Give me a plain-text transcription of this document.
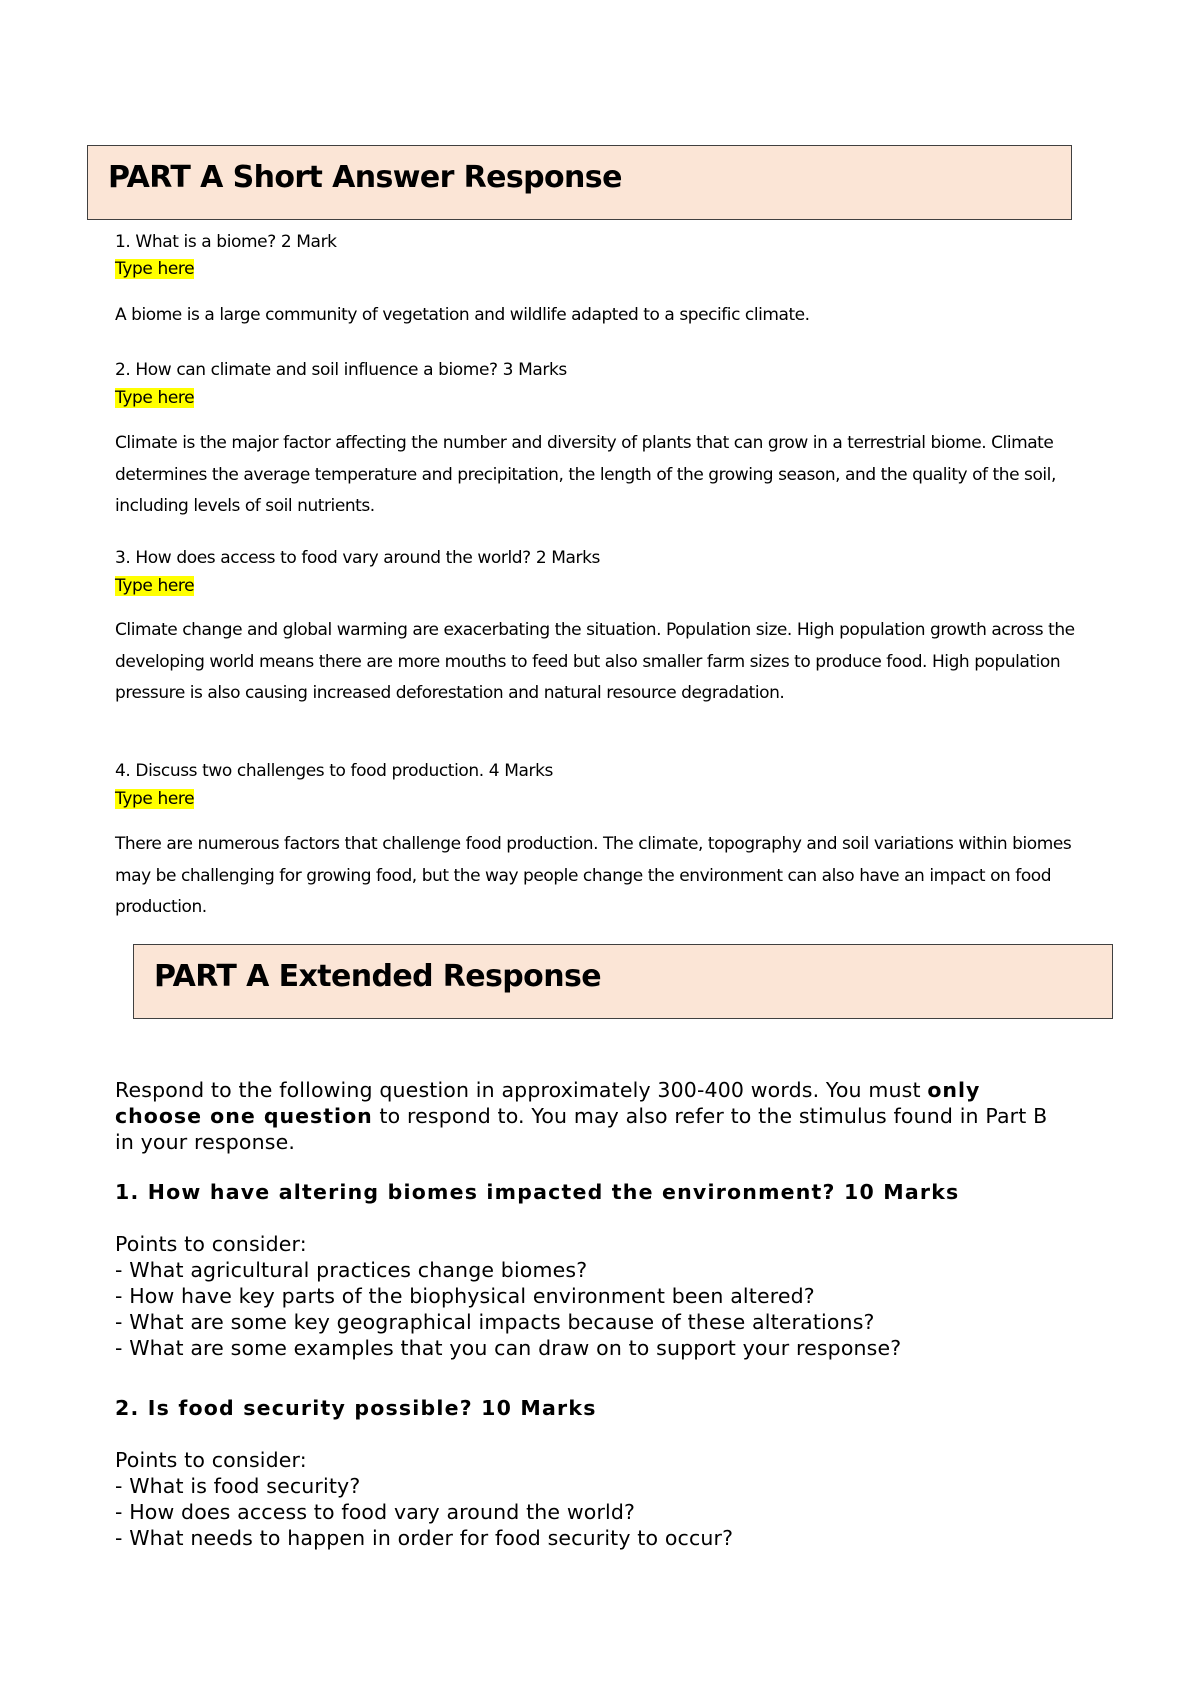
PART A Short Answer Response
1. What is a biome? 2 Mark
Type here
A biome is a large community of vegetation and wildlife adapted to a specific climate.
2. How can climate and soil influence a biome? 3 Marks
Type here
Climate is the major factor affecting the number and diversity of plants that can grow in a terrestrial biome. Climate determines the average temperature and precipitation, the length of the growing season, and the quality of the soil, including levels of soil nutrients.
3. How does access to food vary around the world? 2 Marks
Type here
Climate change and global warming are exacerbating the situation. Population size. High population growth across the developing world means there are more mouths to feed but also smaller farm sizes to produce food. High population pressure is also causing increased deforestation and natural resource degradation.
4. Discuss two challenges to food production. 4 Marks
Type here
There are numerous factors that challenge food production. The climate, topography and soil variations within biomes may be challenging for growing food, but the way people change the environment can also have an impact on food production.
PART A Extended Response
Respond to the following question in approximately 300-400 words. You must only
choose one question to respond to. You may also refer to the stimulus found in Part B
in your response.
1. How have altering biomes impacted the environment? 10 Marks
Points to consider:
- What agricultural practices change biomes?
- How have key parts of the biophysical environment been altered?
- What are some key geographical impacts because of these alterations?
- What are some examples that you can draw on to support your response?
2. Is food security possible? 10 Marks
Points to consider:
- What is food security?
- How does access to food vary around the world?
- What needs to happen in order for food security to occur?
